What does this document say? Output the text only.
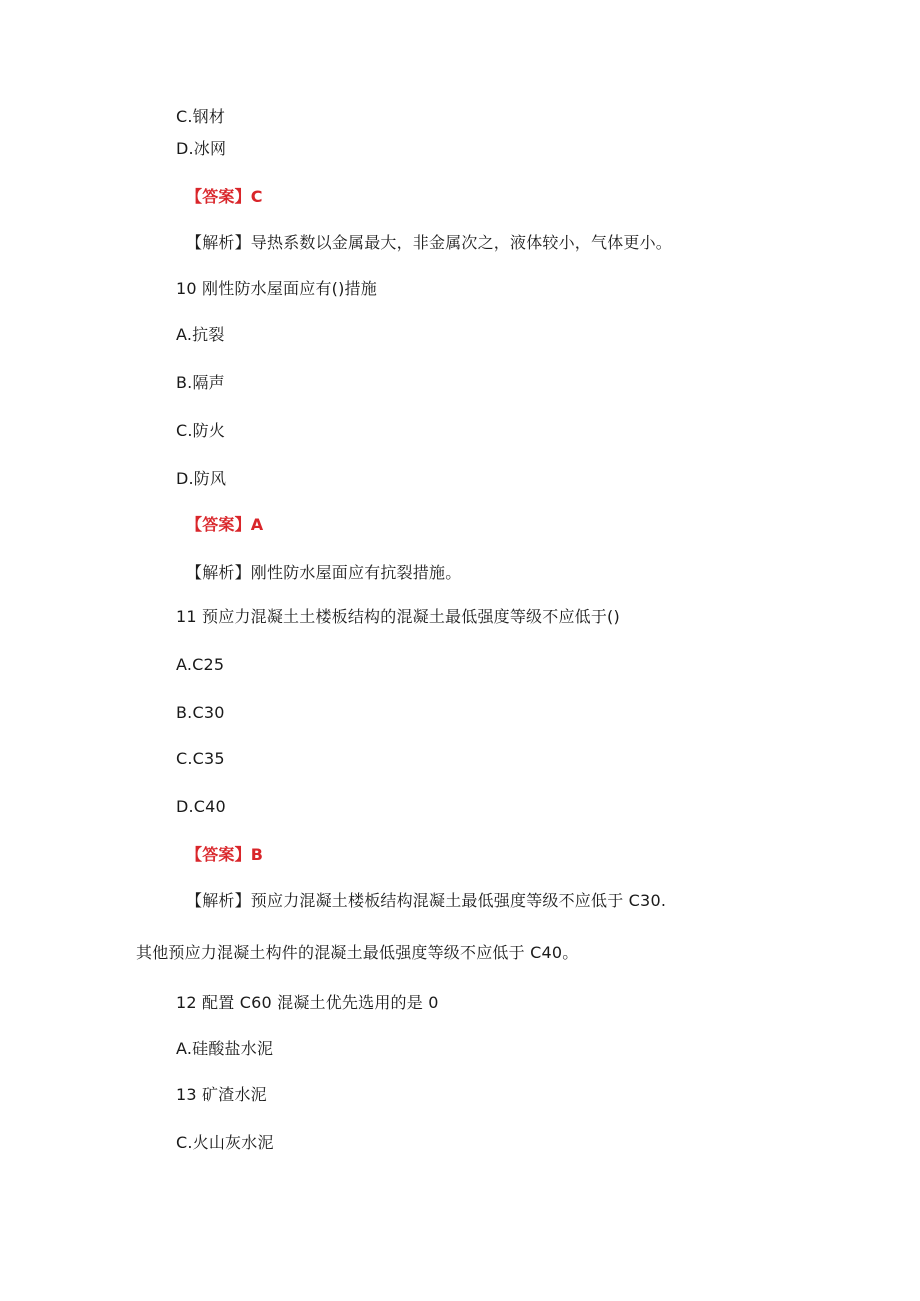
C.钢材
D.冰网
【答案】C
【解析】导热系数以金属最大，非金属次之，液体较小，气体更小。
10 刚性防水屋面应有()措施
A.抗裂
B.隔声
C.防火
D.防风
【答案】A
【解析】刚性防水屋面应有抗裂措施。
11 预应力混凝土土楼板结构的混凝土最低强度等级不应低于()
A.C25
B.C30
C.C35
D.C40
【答案】B
【解析】预应力混凝土楼板结构混凝土最低强度等级不应低于 C30.
其他预应力混凝土构件的混凝土最低强度等级不应低于 C40。
12 配置 C60 混凝土优先选用的是 0
A.硅酸盐水泥
13 矿渣水泥
C.火山灰水泥
